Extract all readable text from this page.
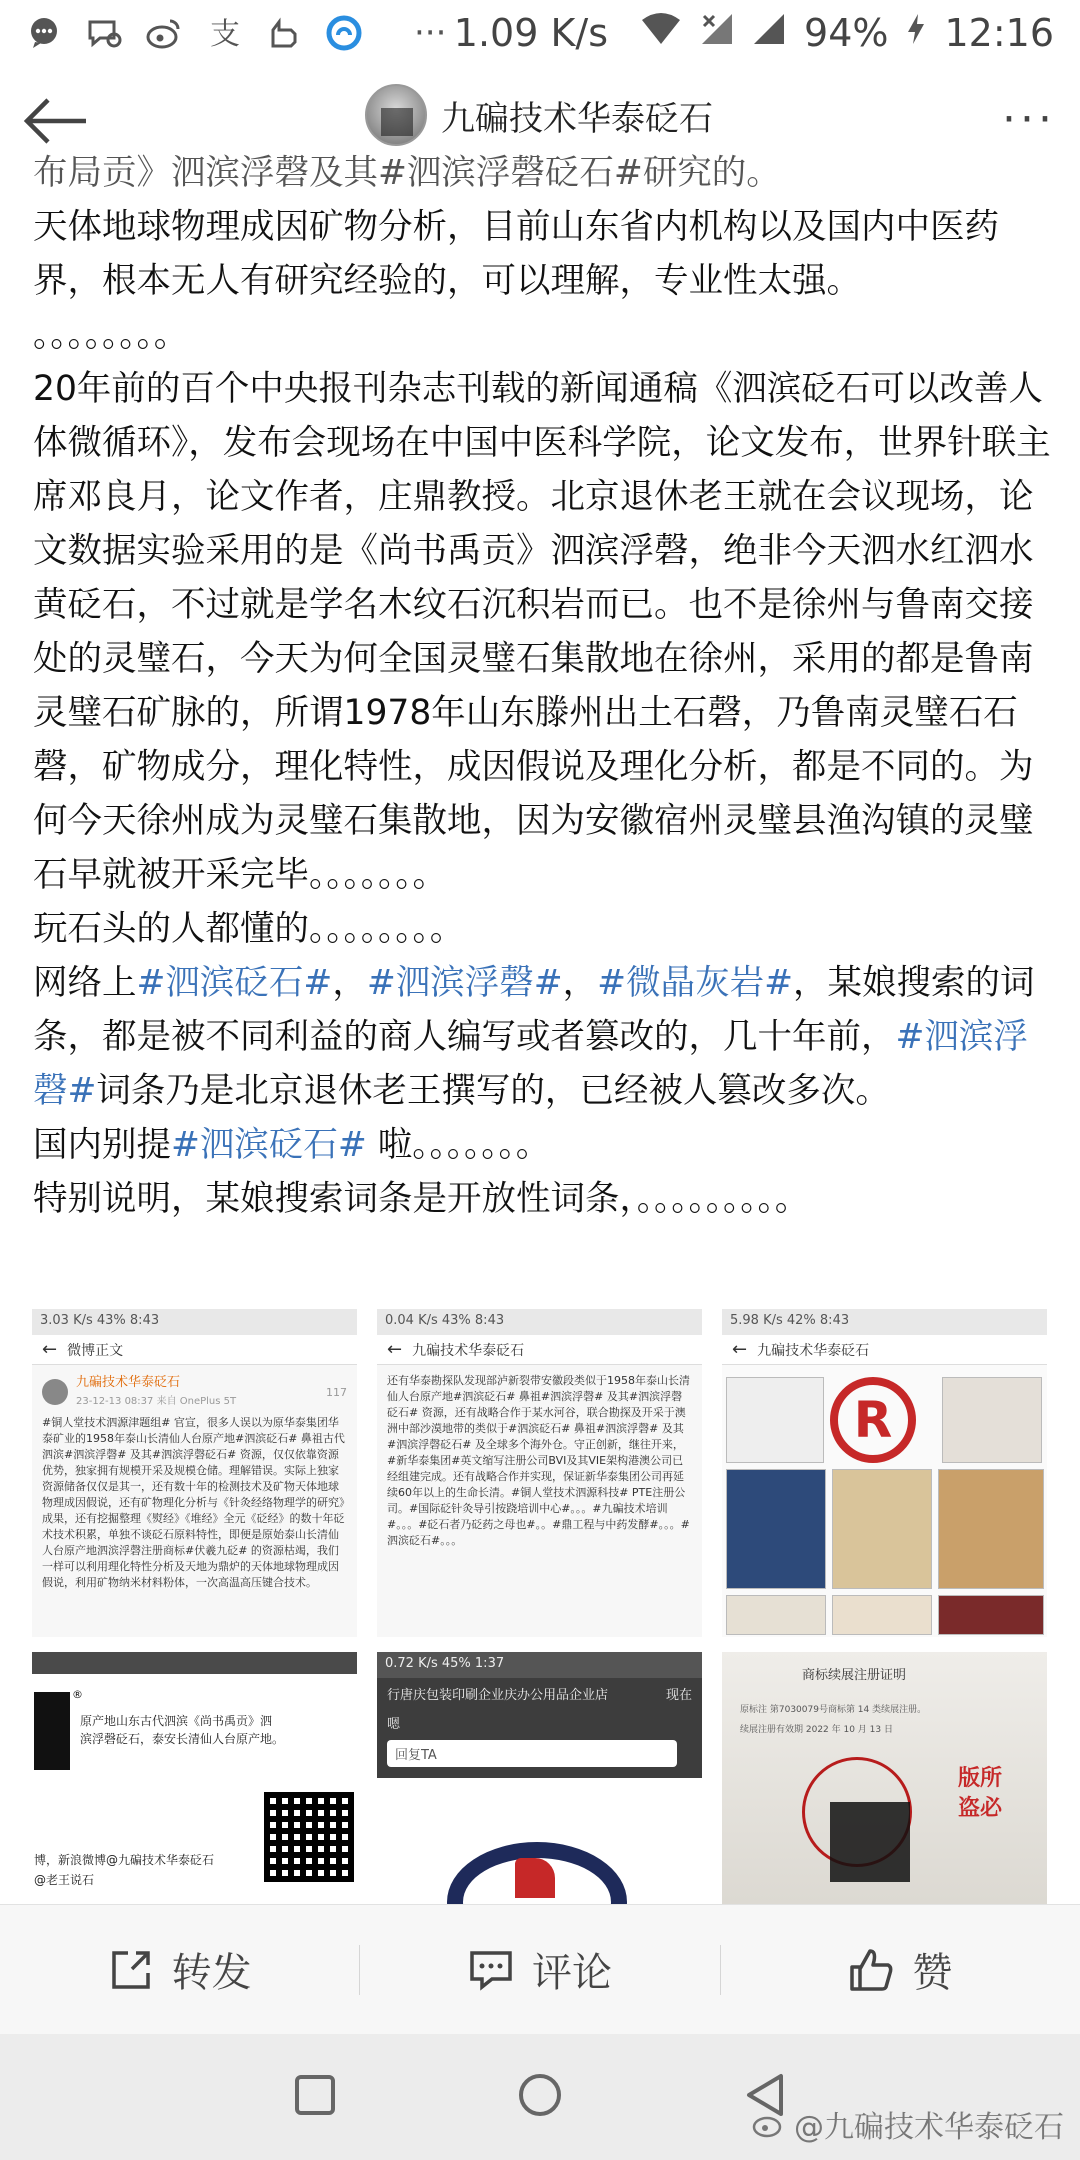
支	··· 1.09 K/s	94% 12:16
九碥技术华泰砭石	···

布局贡》泗滨浮磬及其#泗滨浮磬砭石#研究的。

天体地球物理成因矿物分析，目前山东省内机构以及国内中医药界，根本无人有研究经验的，可以理解，专业性太强。

。。。。。。。。

20年前的百个中央报刊杂志刊载的新闻通稿《泗滨砭石可以改善人体微循环》，发布会现场在中国中医科学院，论文发布，世界针联主席邓良月，论文作者，庄鼎教授。北京退休老王就在会议现场，论文数据实验采用的是《尚书禹贡》泗滨浮磬，绝非今天泗水红泗水黄砭石，不过就是学名木纹石沉积岩而已。也不是徐州与鲁南交接处的灵璧石，今天为何全国灵璧石集散地在徐州，采用的都是鲁南灵璧石矿脉的，所谓1978年山东滕州出土石磬，乃鲁南灵璧石石磬，矿物成分，理化特性，成因假说及理化分析，都是不同的。为何今天徐州成为灵璧石集散地，因为安徽宿州灵璧县渔沟镇的灵璧石早就被开采完毕。。。。。。。

玩石头的人都懂的。。。。。。。。

网络上#泗滨砭石#，#泗滨浮磬#，#微晶灰岩#，某娘搜索的词条，都是被不同利益的商人编写或者篡改的，几十年前，#泗滨浮磬#词条乃是北京退休老王撰写的，已经被人篡改多次。

国内别提#泗滨砭石# 啦。。。。。。。

特别说明，某娘搜索词条是开放性词条，。。。。。。。。。

3.03 K/s 43% 8:43
← 微博正文
九碥技术华泰砭石
23-12-13 08:37 来自 OnePlus 5T
117
#铜人堂技术泗源津题组# 官宣，很多人误以为原华泰集团华泰矿业的1958年泰山长清仙人台原产地#泗滨砭石# 鼻祖古代泗滨#泗滨浮磬# 及其#泗滨浮磬砭石# 资源，仅仅依靠资源优势，独家拥有规模开采及规模仓储。理解错误。实际上独家资源储备仅仅是其一，还有数十年的检测技术及矿物天体地球物理成因假说，还有矿物理化分析与《针灸经络物理学的研究》成果，还有挖掘整理《熨经》《堆经》全元《砭经》的数十年砭术技术积累，单独不谈砭石原料特性，即便是原始泰山长清仙人台原产地泗滨浮磬注册商标#伏羲九砭# 的资源枯竭，我们一样可以利用理化特性分析及天地为鼎炉的天体地球物理成因假说，利用矿物纳米材料粉体，一次高温高压键合技术。
0.04 K/s 43% 8:43
← 九碥技术华泰砭石
还有华泰勘探队发现部泸新裂带安徽段类似于1958年泰山长清仙人台原产地#泗滨砭石# 鼻祖#泗滨浮磬# 及其#泗滨浮磬砭石# 资源，还有战略合作于某水河谷，联合勘探及开采于澳洲中部沙漠地带的类似于#泗滨砭石# 鼻祖#泗滨浮磬# 及其#泗滨浮磬砭石# 及全球多个海外仓。守正创新，继往开来，#新华泰集团#英文缩写注册公司BVI及其VIE架构港澳公司已经组建完成。还有战略合作并实现，保证新华泰集团公司再延续60年以上的生命长清。#铜人堂技术泗源科技# PTE注册公司。#国际砭针灸导引按跷培训中心#。。。#九碥技术培训#。。。#砭石者乃砭药之母也#。。#鼎工程与中药发酵#。。。#泗滨砭石#。。。
5.98 K/s 42% 8:43
← 九碥技术华泰砭石
R
®
原产地山东古代泗滨《尚书禹贡》泗
滨浮磬砭石，泰安长清仙人台原产地。
博，新浪微博@九碥技术华泰砭石
@老王说石
0.72 K/s 45% 1:37
行唐庆包装印刷企业庆办公用品企业店	现在
嗯
回复TA
商标续展注册证明
原标注 第7030079号商标第 14 类续展注册。
续展注册有效期 2022 年 10 月 13 日
版所盗必
转发	评论	赞
@九碥技术华泰砭石
